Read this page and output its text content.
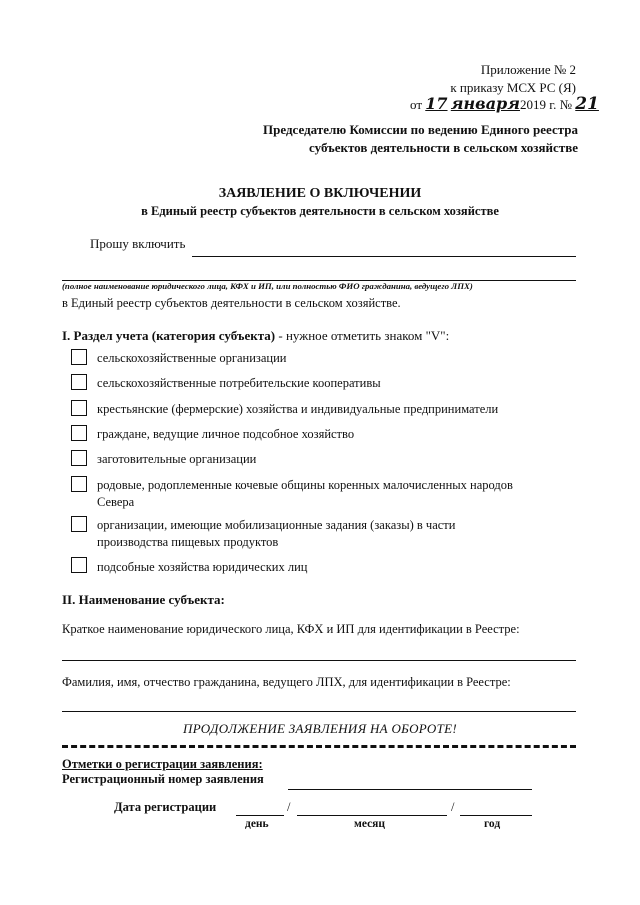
Приложение № 2
к приказу МСХ РС (Я)
от 17 января2019 г. № 21
Председателю Комиссии по ведению Единого реестра
субъектов деятельности в сельском хозяйстве
ЗАЯВЛЕНИЕ О ВКЛЮЧЕНИИ
в Единый реестр субъектов деятельности в сельском хозяйстве
Прошу включить
(полное наименование юридического лица, КФХ и ИП, или полностью ФИО гражданина, ведущего ЛПХ)
в Единый реестр субъектов деятельности в сельском хозяйстве.
I. Раздел учета (категория субъекта) - нужное отметить знаком "V":
сельскохозяйственные организации
сельскохозяйственные потребительские кооперативы
крестьянские (фермерские) хозяйства и индивидуальные предприниматели
граждане, ведущие личное подсобное хозяйство
заготовительные организации
родовые, родоплеменные кочевые общины коренных малочисленных народов
Севера
организации, имеющие мобилизационные задания (заказы) в части
производства пищевых продуктов
подсобные хозяйства юридических лиц
II. Наименование субъекта:
Краткое наименование юридического лица, КФХ и ИП для идентификации в Реестре:
Фамилия, имя, отчество гражданина, ведущего ЛПХ, для идентификации в Реестре:
ПРОДОЛЖЕНИЕ ЗАЯВЛЕНИЯ НА ОБОРОТЕ!
Отметки о регистрации заявления:
Регистрационный номер заявления
Дата регистрации	/	/
день	месяц	год
